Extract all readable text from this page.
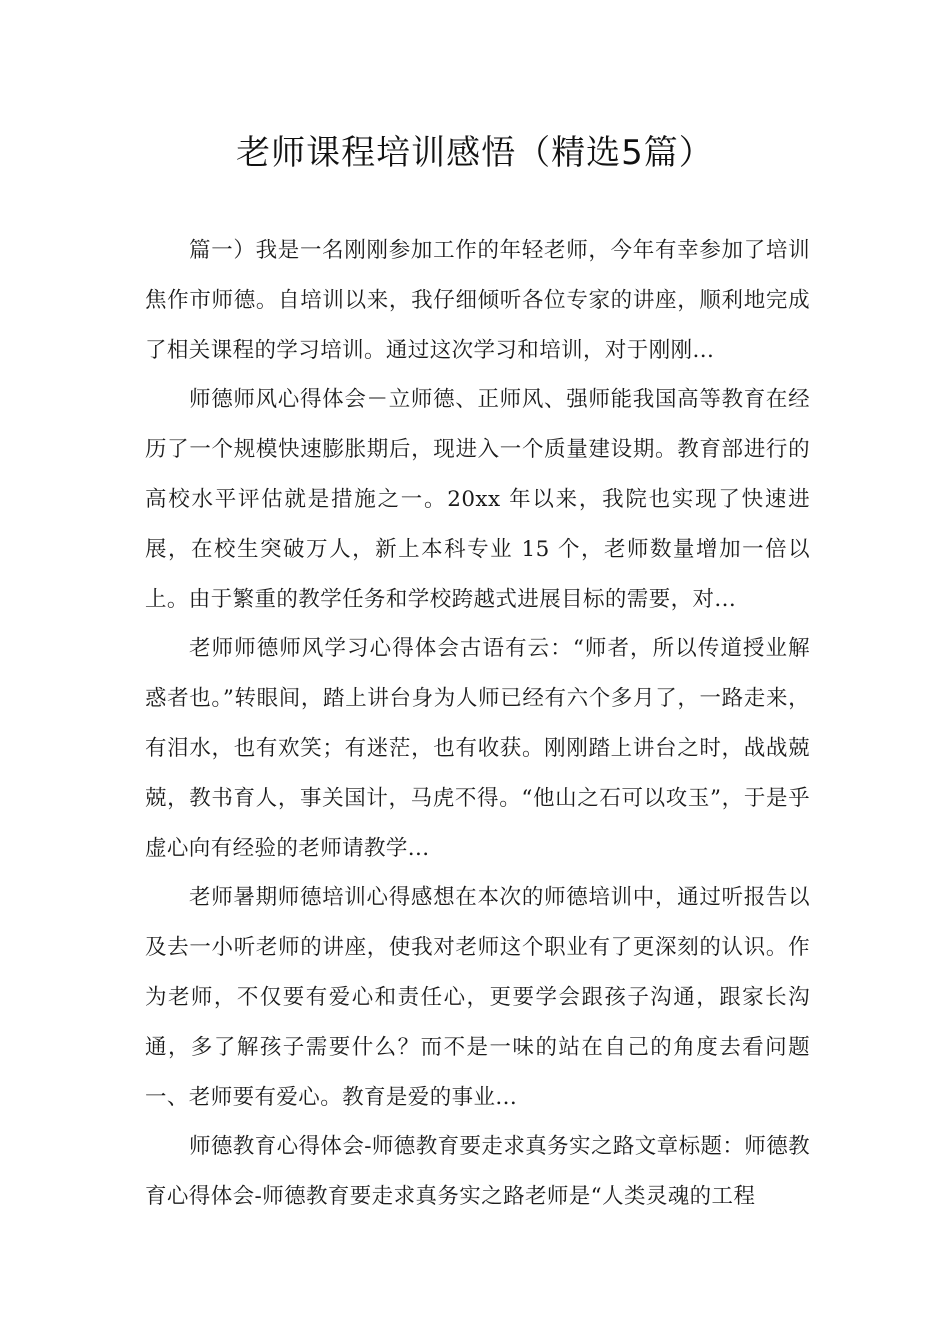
老师课程培训感悟（精选5篇）

篇一）我是一名刚刚参加工作的年轻老师，今年有幸参加了培训焦作市师德。自培训以来，我仔细倾听各位专家的讲座，顺利地完成了相关课程的学习培训。通过这次学习和培训，对于刚刚...

师德师风心得体会－立师德、正师风、强师能我国高等教育在经历了一个规模快速膨胀期后，现进入一个质量建设期。教育部进行的高校水平评估就是措施之一。20xx 年以来，我院也实现了快速进展，在校生突破万人，新上本科专业 15 个，老师数量增加一倍以上。由于繁重的教学任务和学校跨越式进展目标的需要，对...

老师师德师风学习心得体会古语有云：“师者，所以传道授业解惑者也。”转眼间，踏上讲台身为人师已经有六个多月了，一路走来，有泪水，也有欢笑；有迷茫，也有收获。刚刚踏上讲台之时，战战兢兢，教书育人，事关国计，马虎不得。“他山之石可以攻玉”，于是乎虚心向有经验的老师请教学...

老师暑期师德培训心得感想在本次的师德培训中，通过听报告以及去一小听老师的讲座，使我对老师这个职业有了更深刻的认识。作为老师，不仅要有爱心和责任心，更要学会跟孩子沟通，跟家长沟通，多了解孩子需要什么？而不是一味的站在自己的角度去看问题一、老师要有爱心。教育是爱的事业...

师德教育心得体会-师德教育要走求真务实之路文章标题：师德教育心得体会-师德教育要走求真务实之路老师是“人类灵魂的工程
